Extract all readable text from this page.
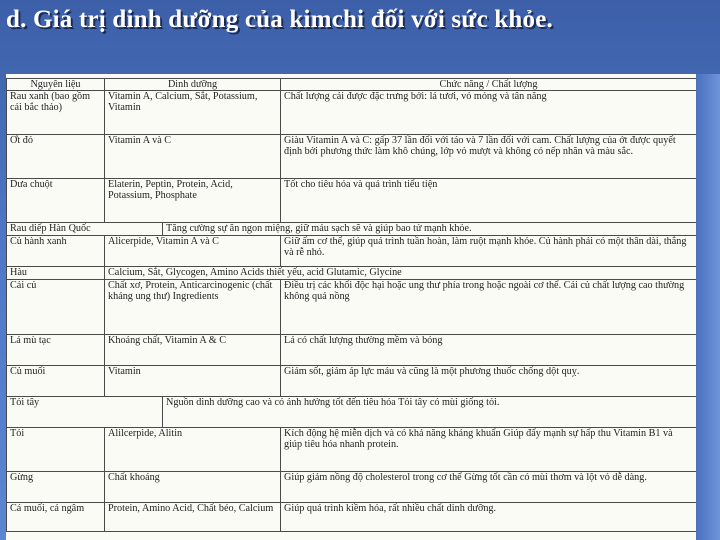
d. Giá trị dinh dưỡng của kimchi đối với sức khỏe.
Nguyên liệu	Dinh dưỡng		Chức năng / Chất lượng
Rau xanh (bao gồm cải bắc thảo)	Vitamin A, Calcium, Sắt, Potassium, Vitamin		Chất lượng cải được đặc trưng bởi: lá tươi, vỏ mỏng và tân năng
Ớt đỏ	Vitamin A và C		Giàu Vitamin A và C: gấp 37 lần đối với táo và 7 lần đối với cam. Chất lượng của ớt được quyết định bởi phương thức làm khô chúng, lớp vỏ mượt và không có nếp nhăn và màu sắc.
Dưa chuột	Elaterin, Peptin, Protein, Acid, Potassium, Phosphate		Tốt cho tiêu hóa và quá trình tiểu tiện
Rau diếp Hàn Quốc		Tăng cường sự ăn ngon miệng, giữ máu sạch sẽ và giúp bao tử mạnh khỏe.	
Củ hành xanh	Alicerpide, Vitamin A và C		Giữ ấm cơ thể, giúp quá trình tuần hoàn, làm ruột mạnh khỏe. Củ hành phải có một thân dài, thẳng và rễ nhỏ.
Hàu	Calcium, Sắt, Glycogen, Amino Acids thiết yếu, acid Glutamic, Glycine		
Cải củ	Chất xơ, Protein, Anticarcinogenic (chất kháng ung thư) Ingredients		Điều trị các khối độc hại hoặc ung thư phía trong hoặc ngoài cơ thể. Cải củ chất lượng cao thường không quá nồng
Lá mù tạc	Khoáng chất, Vitamin A & C		Lá có chất lượng thường mềm và bóng
Củ muối	Vitamin		Giảm sốt, giảm áp lực máu và cũng là một phương thuốc chống dột quỵ.
Tỏi tây		Nguồn dinh dưỡng cao và có ảnh hưởng tốt đến tiêu hóa Tỏi tây có mùi giống tỏi.	
Tỏi	Alilcerpide, Alitin		Kích động hệ miễn dịch và có khả năng kháng khuẩn Giúp đẩy mạnh sự hấp thu Vitamin B1 và giúp tiêu hóa nhanh protein.
Gừng	Chất khoáng		Giúp giảm nồng độ cholesterol trong cơ thể Gừng tốt cần có mùi thơm và lột vỏ dễ dàng.
Cá muối, cá ngâm	Protein, Amino Acid, Chất béo, Calcium		Giúp quá trình kiềm hóa, rất nhiều chất dinh dưỡng.
